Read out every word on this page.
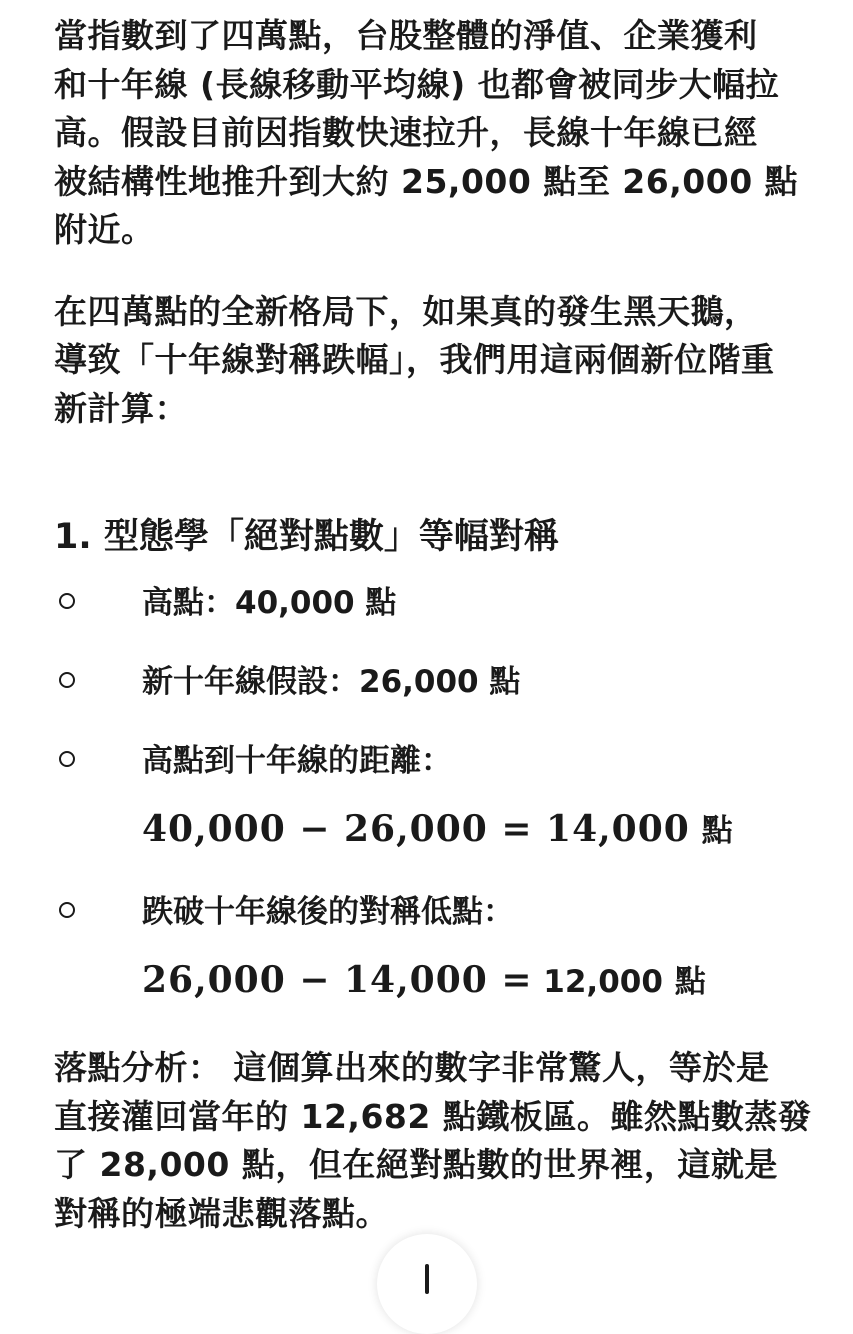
當指數到了四萬點，台股整體的淨值、企業獲利
和十年線 (長線移動平均線) 也都會被同步大幅拉
高。假設目前因指數快速拉升，長線十年線已經
被結構性地推升到大約 25,000 點至 26,000 點
附近。

在四萬點的全新格局下，如果真的發生黑天鵝，
導致「十年線對稱跌幅」，我們用這兩個新位階重
新計算：

1. 型態學「絕對點數」等幅對稱
高點：40,000 點
新十年線假設：26,000 點
高點到十年線的距離：
40,000 − 26,000 = 14,000 點
跌破十年線後的對稱低點：
26,000 − 14,000 = 12,000 點

落點分析： 這個算出來的數字非常驚人，等於是
直接灌回當年的 12,682 點鐵板區。雖然點數蒸發
了 28,000 點，但在絕對點數的世界裡，這就是
對稱的極端悲觀落點。
